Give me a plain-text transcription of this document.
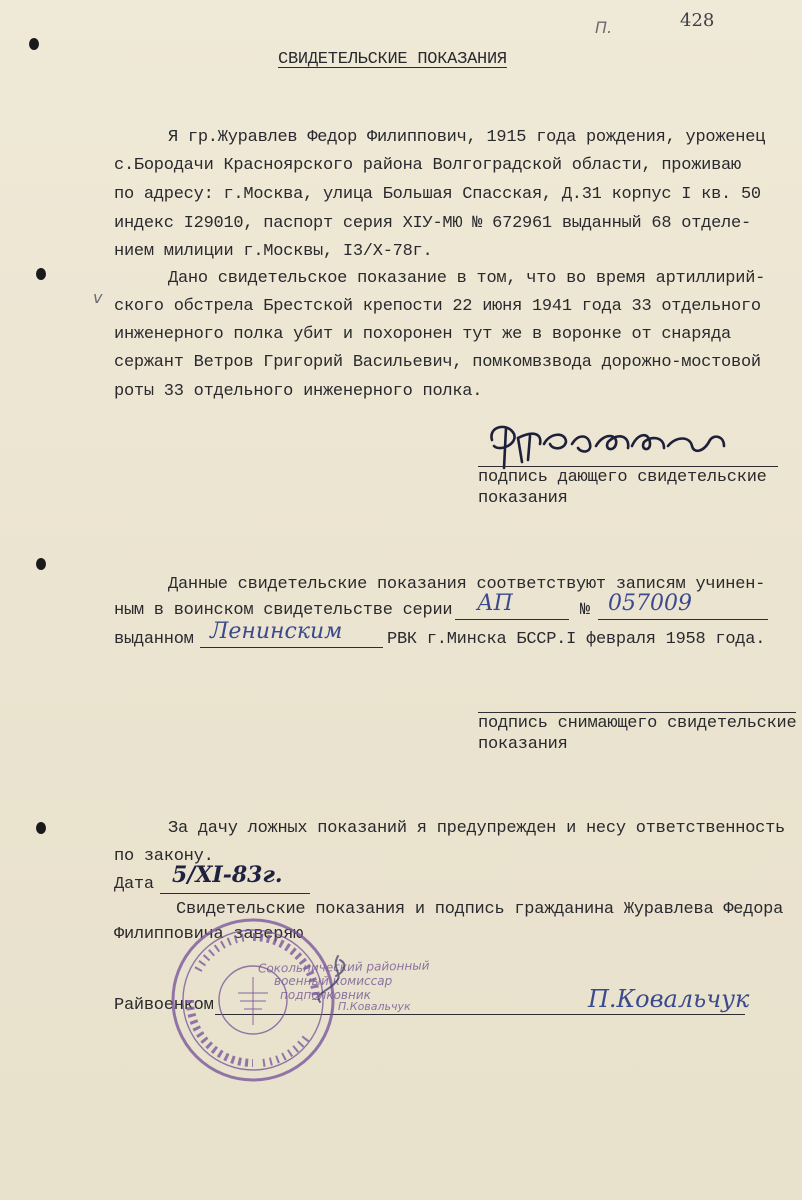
П.	428
СВИДЕТЕЛЬСКИЕ ПОКАЗАНИЯ
Я гр.Журавлев Федор Филиппович, 1915 года рождения, уроженец
с.Бородачи Красноярского района Волгоградской области, проживаю
по адресу: г.Москва, улица Большая Спасская, Д.31 корпус I кв. 50
индекс I29010, паспорт серия XIУ-МЮ № 672961 выданный 68 отделе-
нием милиции г.Москвы, I3/X-78г.
Дано свидетельское показание в том, что во время артиллирий-
v ского обстрела Брестской крепости 22 июня 1941 года 33 отдельного
инженерного полка убит и похоронен тут же в воронке от снаряда
сержант Ветров Григорий Васильевич, помкомвзвода дорожно-мостовой
роты 33 отдельного инженерного полка.
подпись дающего свидетельские
показания
Данные свидетельские показания соответствуют записям учинен-
ным в воинском свидетельстве серии АП	№ 057009
выданном Ленинским	РВК г.Минска БССР.I февраля 1958 года.
подпись снимающего свидетельские
показания
За дачу ложных показаний я предупрежден и несу ответственность
по закону.
Дата 5/XI-83г.
Свидетельские показания и подпись гражданина Журавлева Федора
Филипповича заверяю
Райвоенком	П.Ковальчук
Сокольнический районный
военный комиссар
подполковник
П.Ковальчук
